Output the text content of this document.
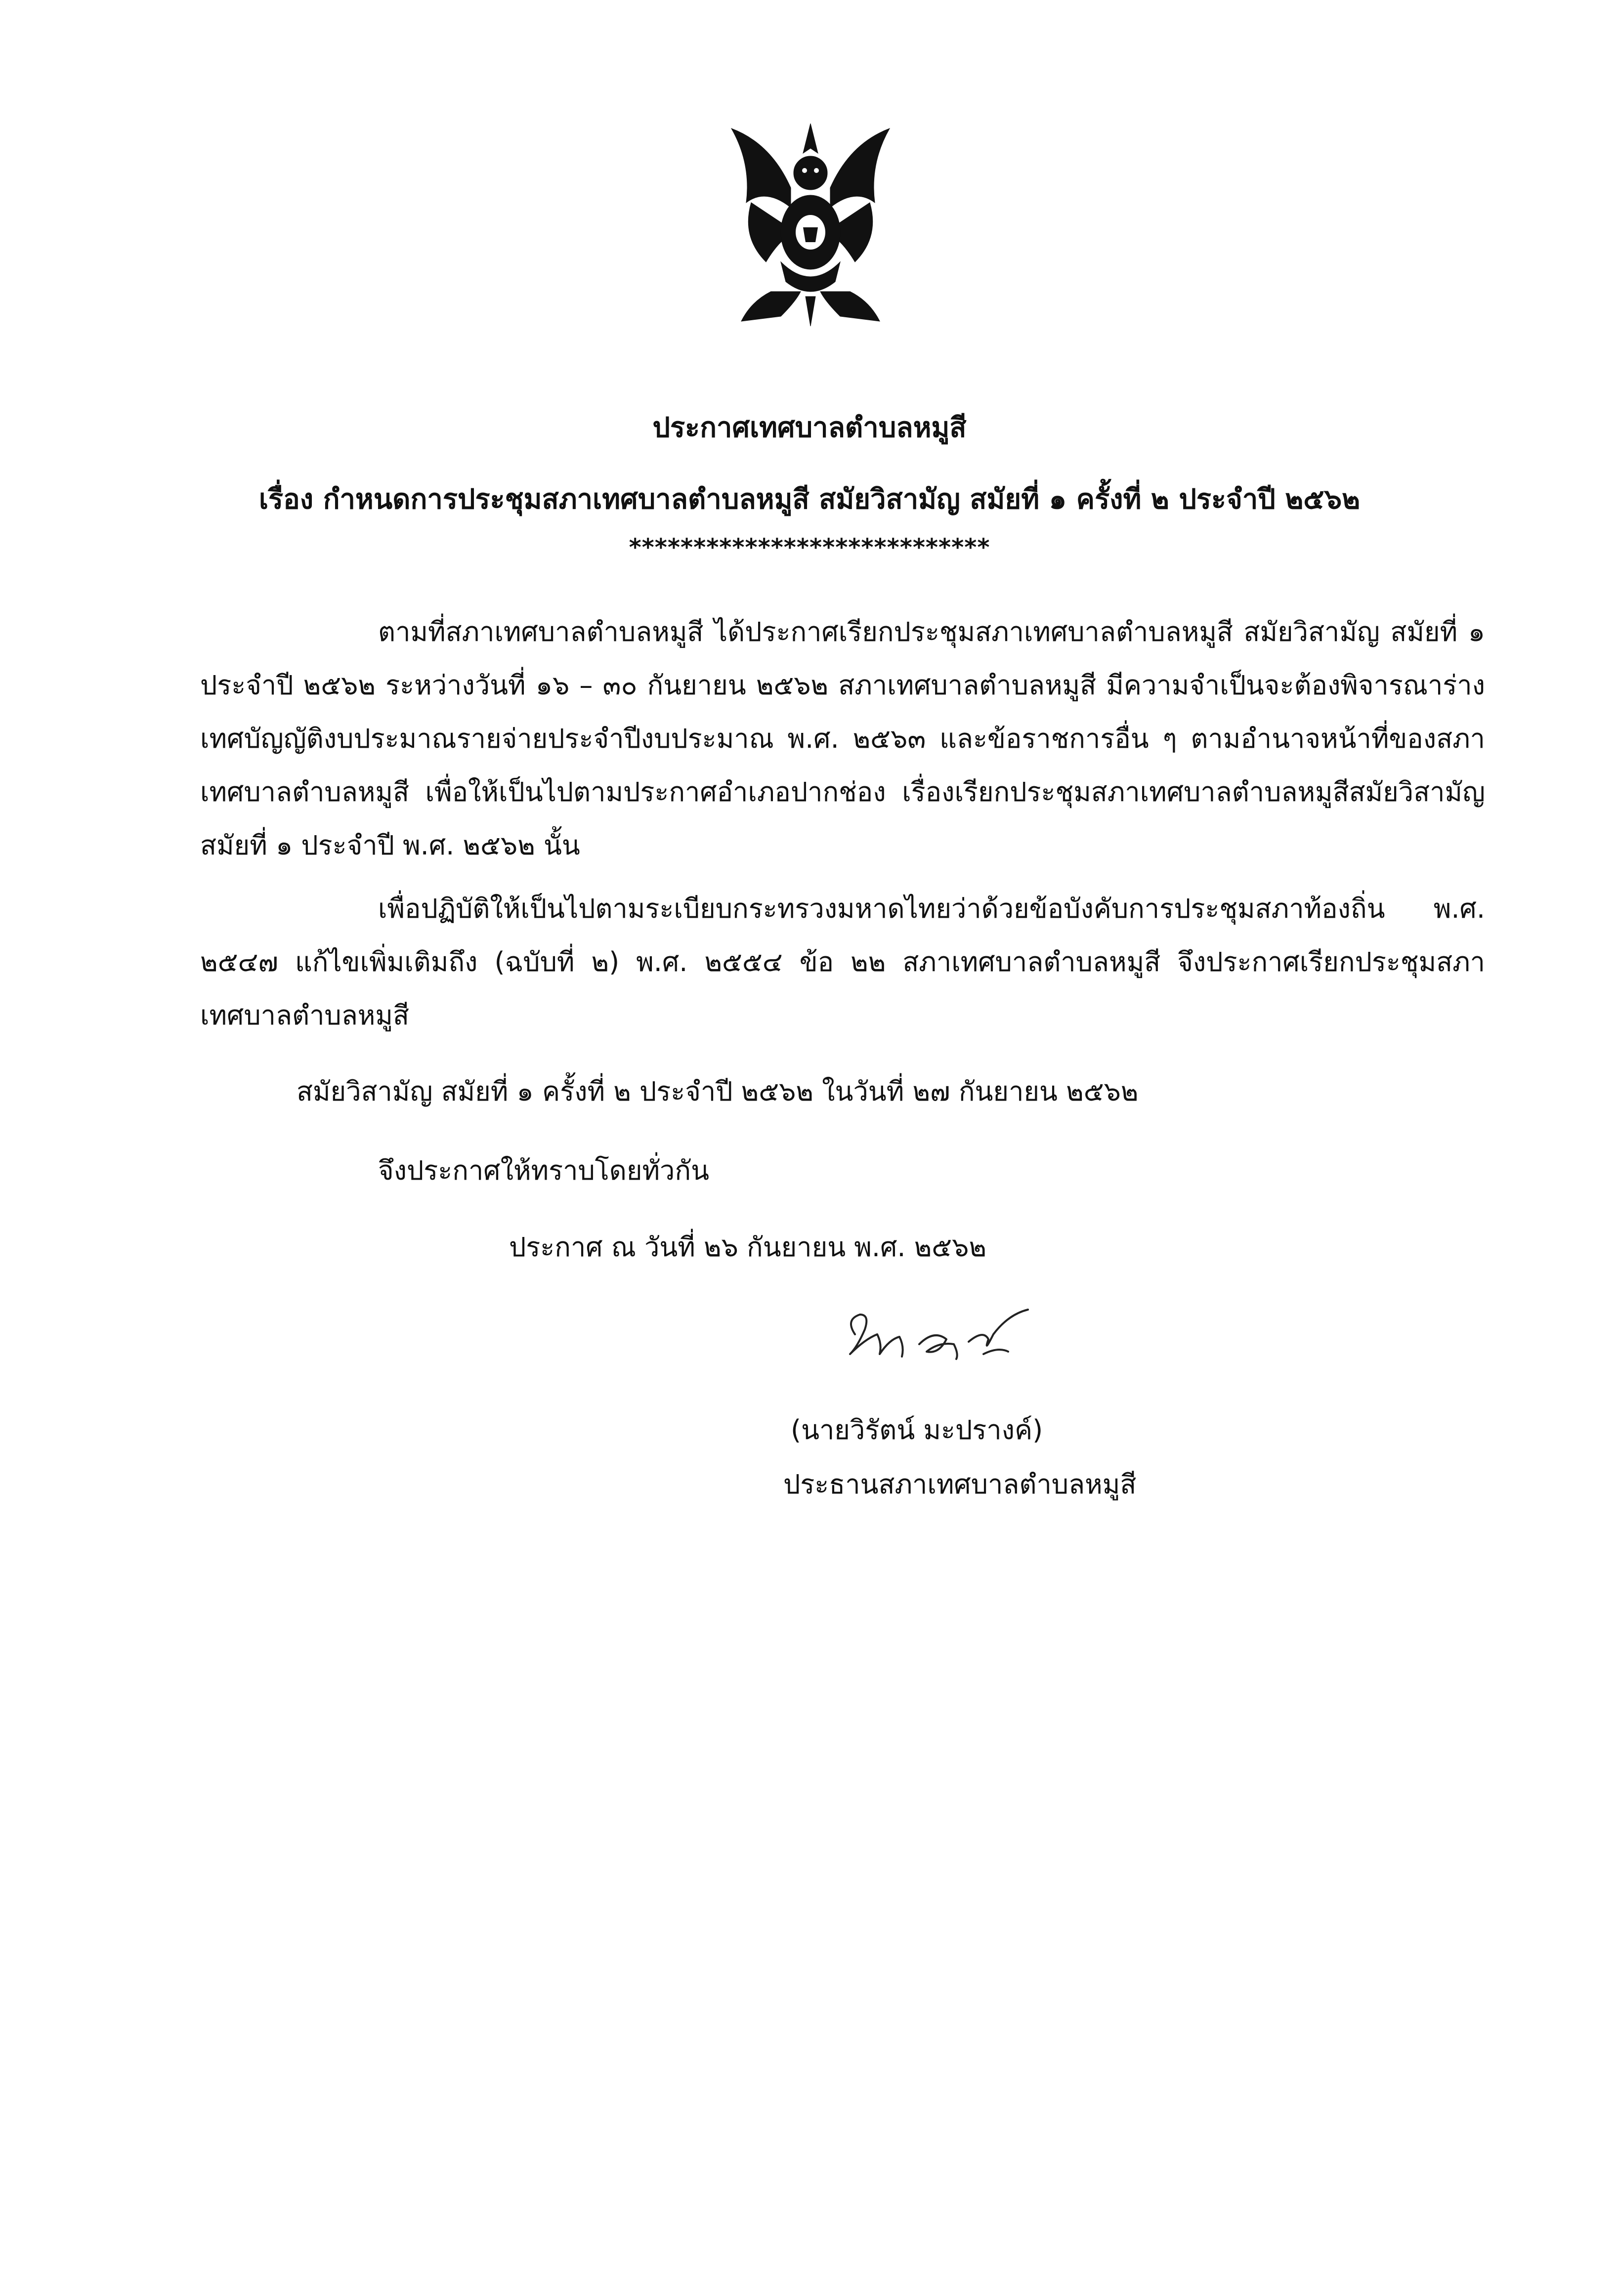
ประกาศเทศบาลตำบลหมูสี
เรื่อง กำหนดการประชุมสภาเทศบาลตำบลหมูสี สมัยวิสามัญ สมัยที่ ๑ ครั้งที่ ๒ ประจำปี ๒๕๖๒
****************************
ตามที่สภาเทศบาลตำบลหมูสี ได้ประกาศเรียกประชุมสภาเทศบาลตำบลหมูสี สมัยวิสามัญ สมัยที่ ๑ ประจำปี ๒๕๖๒ ระหว่างวันที่ ๑๖ – ๓๐ กันยายน ๒๕๖๒ สภาเทศบาลตำบลหมูสี มีความจำเป็นจะต้องพิจารณาร่างเทศบัญญัติงบประมาณรายจ่ายประจำปีงบประมาณ พ.ศ. ๒๕๖๓ และข้อราชการอื่น ๆ ตามอำนาจหน้าที่ของสภาเทศบาลตำบลหมูสี เพื่อให้เป็นไปตามประกาศอำเภอปากช่อง เรื่องเรียกประชุมสภาเทศบาลตำบลหมูสีสมัยวิสามัญ สมัยที่ ๑ ประจำปี พ.ศ. ๒๕๖๒ นั้น
เพื่อปฏิบัติให้เป็นไปตามระเบียบกระทรวงมหาดไทยว่าด้วยข้อบังคับการประชุมสภาท้องถิ่น พ.ศ. ๒๕๔๗ แก้ไขเพิ่มเติมถึง (ฉบับที่ ๒) พ.ศ. ๒๕๕๔ ข้อ ๒๒ สภาเทศบาลตำบลหมูสี จึงประกาศเรียกประชุมสภาเทศบาลตำบลหมูสี
สมัยวิสามัญ สมัยที่ ๑ ครั้งที่ ๒ ประจำปี ๒๕๖๒ ในวันที่ ๒๗ กันยายน ๒๕๖๒
จึงประกาศให้ทราบโดยทั่วกัน
ประกาศ ณ วันที่ ๒๖ กันยายน พ.ศ. ๒๕๖๒
(นายวิรัตน์ มะปรางค์)
ประธานสภาเทศบาลตำบลหมูสี
